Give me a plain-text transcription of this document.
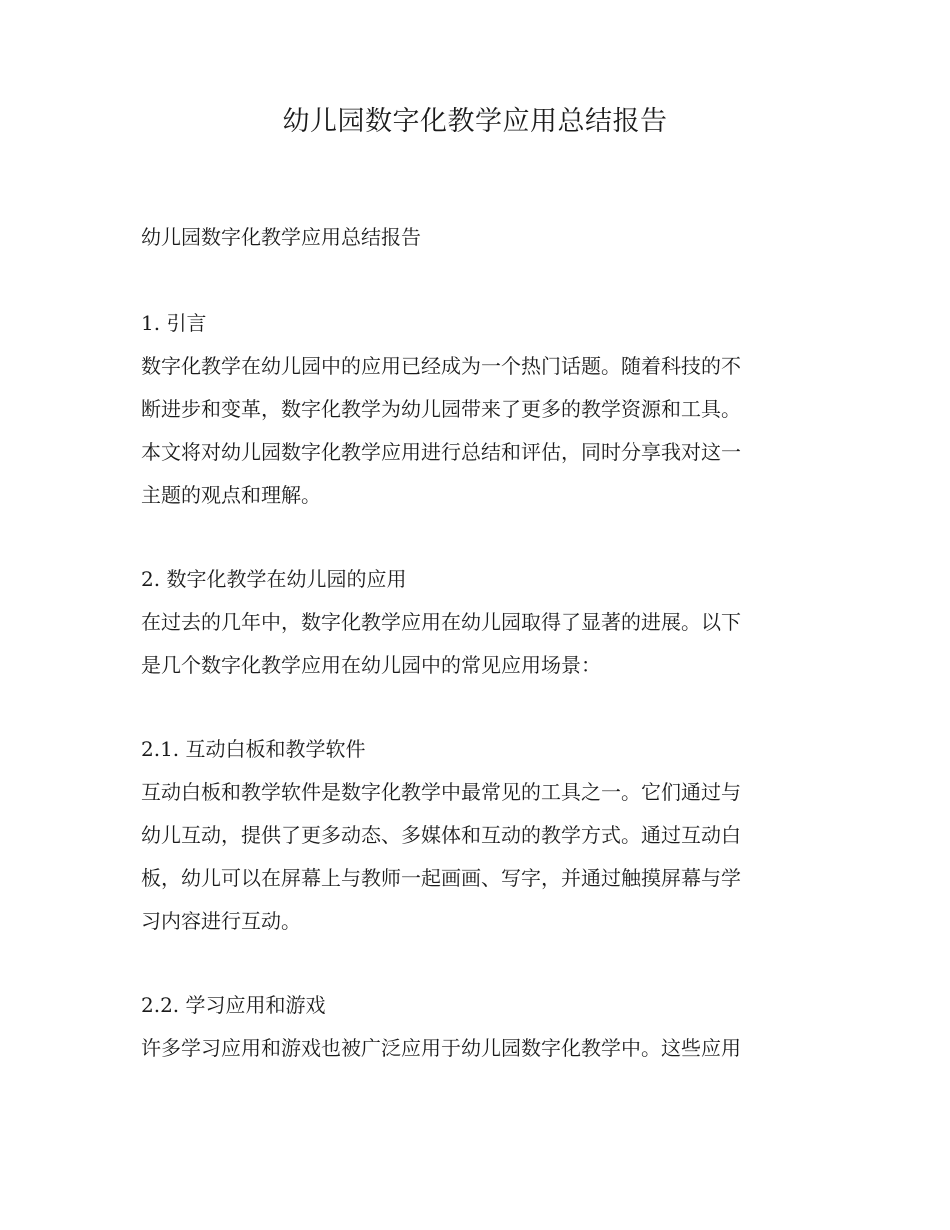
幼儿园数字化教学应用总结报告

幼儿园数字化教学应用总结报告

1. 引言
数字化教学在幼儿园中的应用已经成为一个热门话题。随着科技的不
断进步和变革，数字化教学为幼儿园带来了更多的教学资源和工具。
本文将对幼儿园数字化教学应用进行总结和评估，同时分享我对这一
主题的观点和理解。
2. 数字化教学在幼儿园的应用
在过去的几年中，数字化教学应用在幼儿园取得了显著的进展。以下
是几个数字化教学应用在幼儿园中的常见应用场景：
2.1. 互动白板和教学软件
互动白板和教学软件是数字化教学中最常见的工具之一。它们通过与
幼儿互动，提供了更多动态、多媒体和互动的教学方式。通过互动白
板，幼儿可以在屏幕上与教师一起画画、写字，并通过触摸屏幕与学
习内容进行互动。
2.2. 学习应用和游戏
许多学习应用和游戏也被广泛应用于幼儿园数字化教学中。这些应用
